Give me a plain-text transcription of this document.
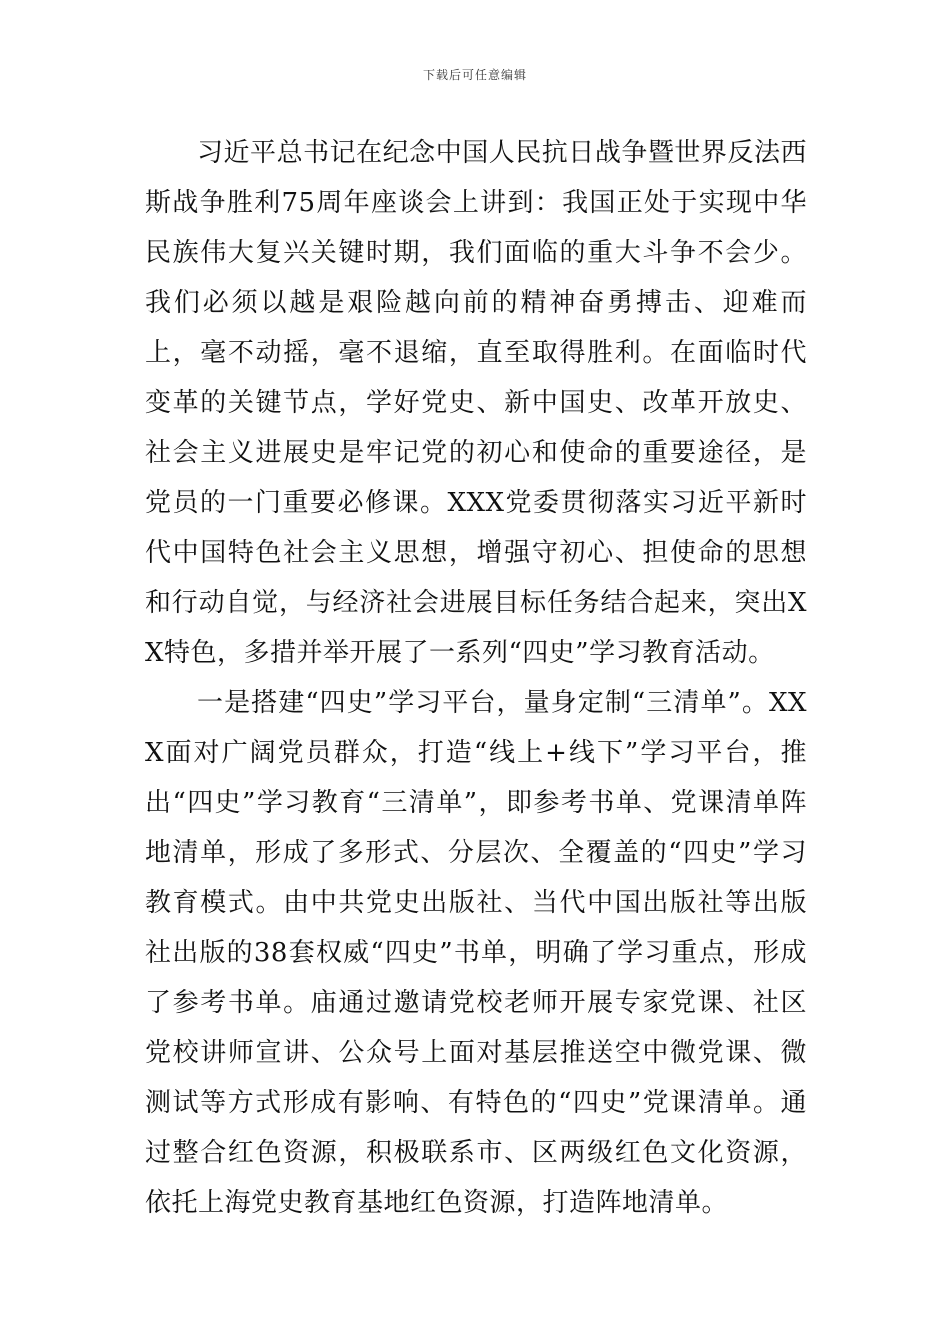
下载后可任意编辑

习近平总书记在纪念中国人民抗日战争暨世界反法西斯战争胜利75周年座谈会上讲到：我国正处于实现中华民族伟大复兴关键时期，我们面临的重大斗争不会少。我们必须以越是艰险越向前的精神奋勇搏击、迎难而上，毫不动摇，毫不退缩，直至取得胜利。在面临时代变革的关键节点，学好党史、新中国史、改革开放史、社会主义进展史是牢记党的初心和使命的重要途径，是党员的一门重要必修课。XXX党委贯彻落实习近平新时代中国特色社会主义思想，增强守初心、担使命的思想和行动自觉，与经济社会进展目标任务结合起来，突出XX特色，多措并举开展了一系列“四史”学习教育活动。

一是搭建“四史”学习平台，量身定制“三清单”。XXX面对广阔党员群众，打造“线上+线下”学习平台，推出“四史”学习教育“三清单”，即参考书单、党课清单阵地清单，形成了多形式、分层次、全覆盖的“四史”学习教育模式。由中共党史出版社、当代中国出版社等出版社出版的38套权威“四史”书单，明确了学习重点，形成了参考书单。庙通过邀请党校老师开展专家党课、社区党校讲师宣讲、公众号上面对基层推送空中微党课、微测试等方式形成有影响、有特色的“四史”党课清单。通过整合红色资源，积极联系市、区两级红色文化资源，依托上海党史教育基地红色资源，打造阵地清单。
